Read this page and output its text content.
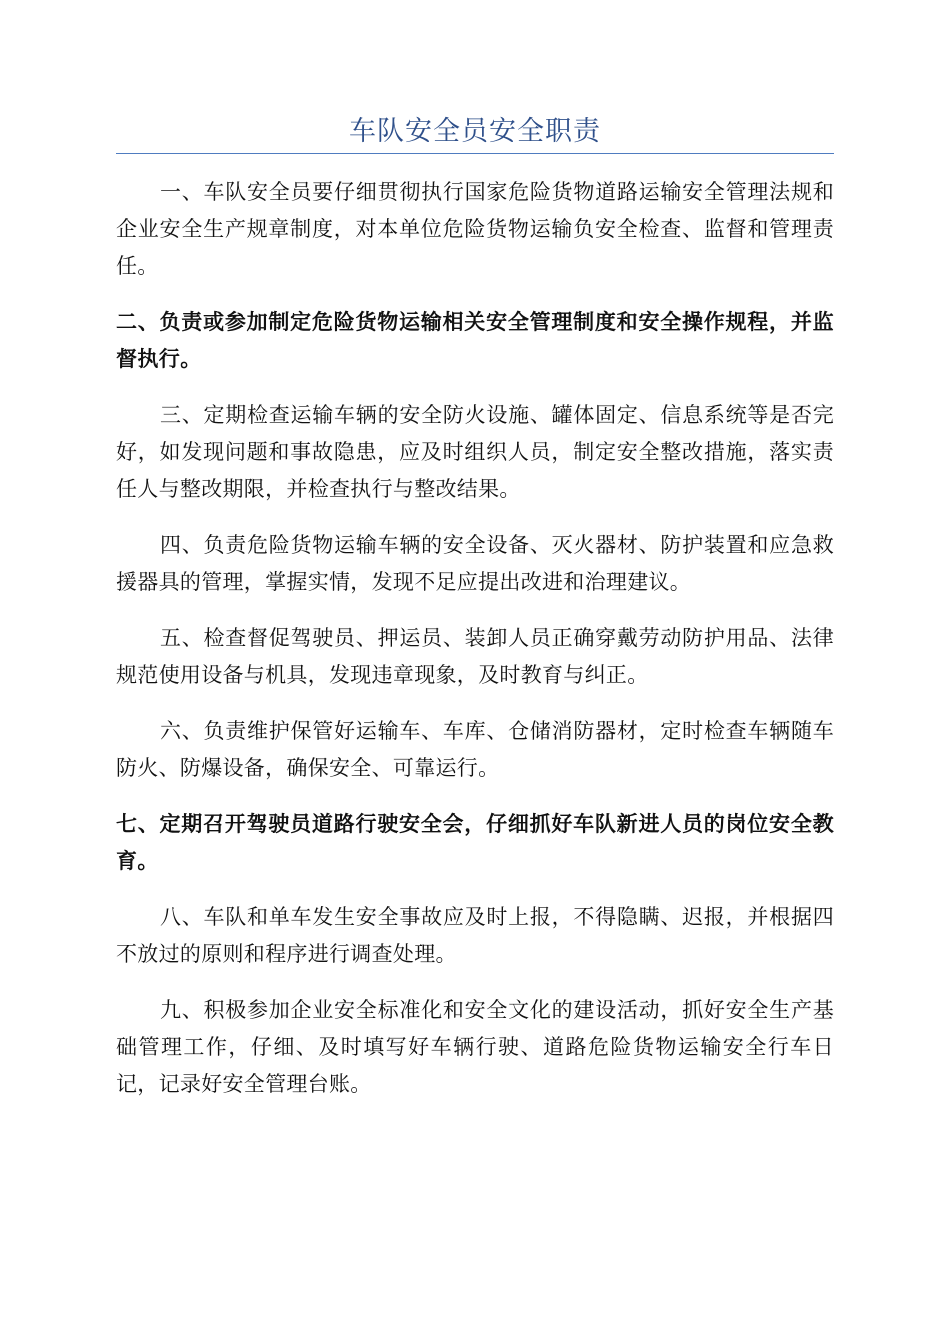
车队安全员安全职责

一、车队安全员要仔细贯彻执行国家危险货物道路运输安全管理法规和企业安全生产规章制度，对本单位危险货物运输负安全检查、监督和管理责任。

二、负责或参加制定危险货物运输相关安全管理制度和安全操作规程，并监督执行。

三、定期检查运输车辆的安全防火设施、罐体固定、信息系统等是否完好，如发现问题和事故隐患，应及时组织人员，制定安全整改措施，落实责任人与整改期限，并检查执行与整改结果。

四、负责危险货物运输车辆的安全设备、灭火器材、防护装置和应急救援器具的管理，掌握实情，发现不足应提出改进和治理建议。

五、检查督促驾驶员、押运员、装卸人员正确穿戴劳动防护用品、法律规范使用设备与机具，发现违章现象，及时教育与纠正。

六、负责维护保管好运输车、车库、仓储消防器材，定时检查车辆随车防火、防爆设备，确保安全、可靠运行。

七、定期召开驾驶员道路行驶安全会，仔细抓好车队新进人员的岗位安全教育。

八、车队和单车发生安全事故应及时上报，不得隐瞒、迟报，并根据四不放过的原则和程序进行调查处理。

九、积极参加企业安全标准化和安全文化的建设活动，抓好安全生产基础管理工作，仔细、及时填写好车辆行驶、道路危险货物运输安全行车日记，记录好安全管理台账。
